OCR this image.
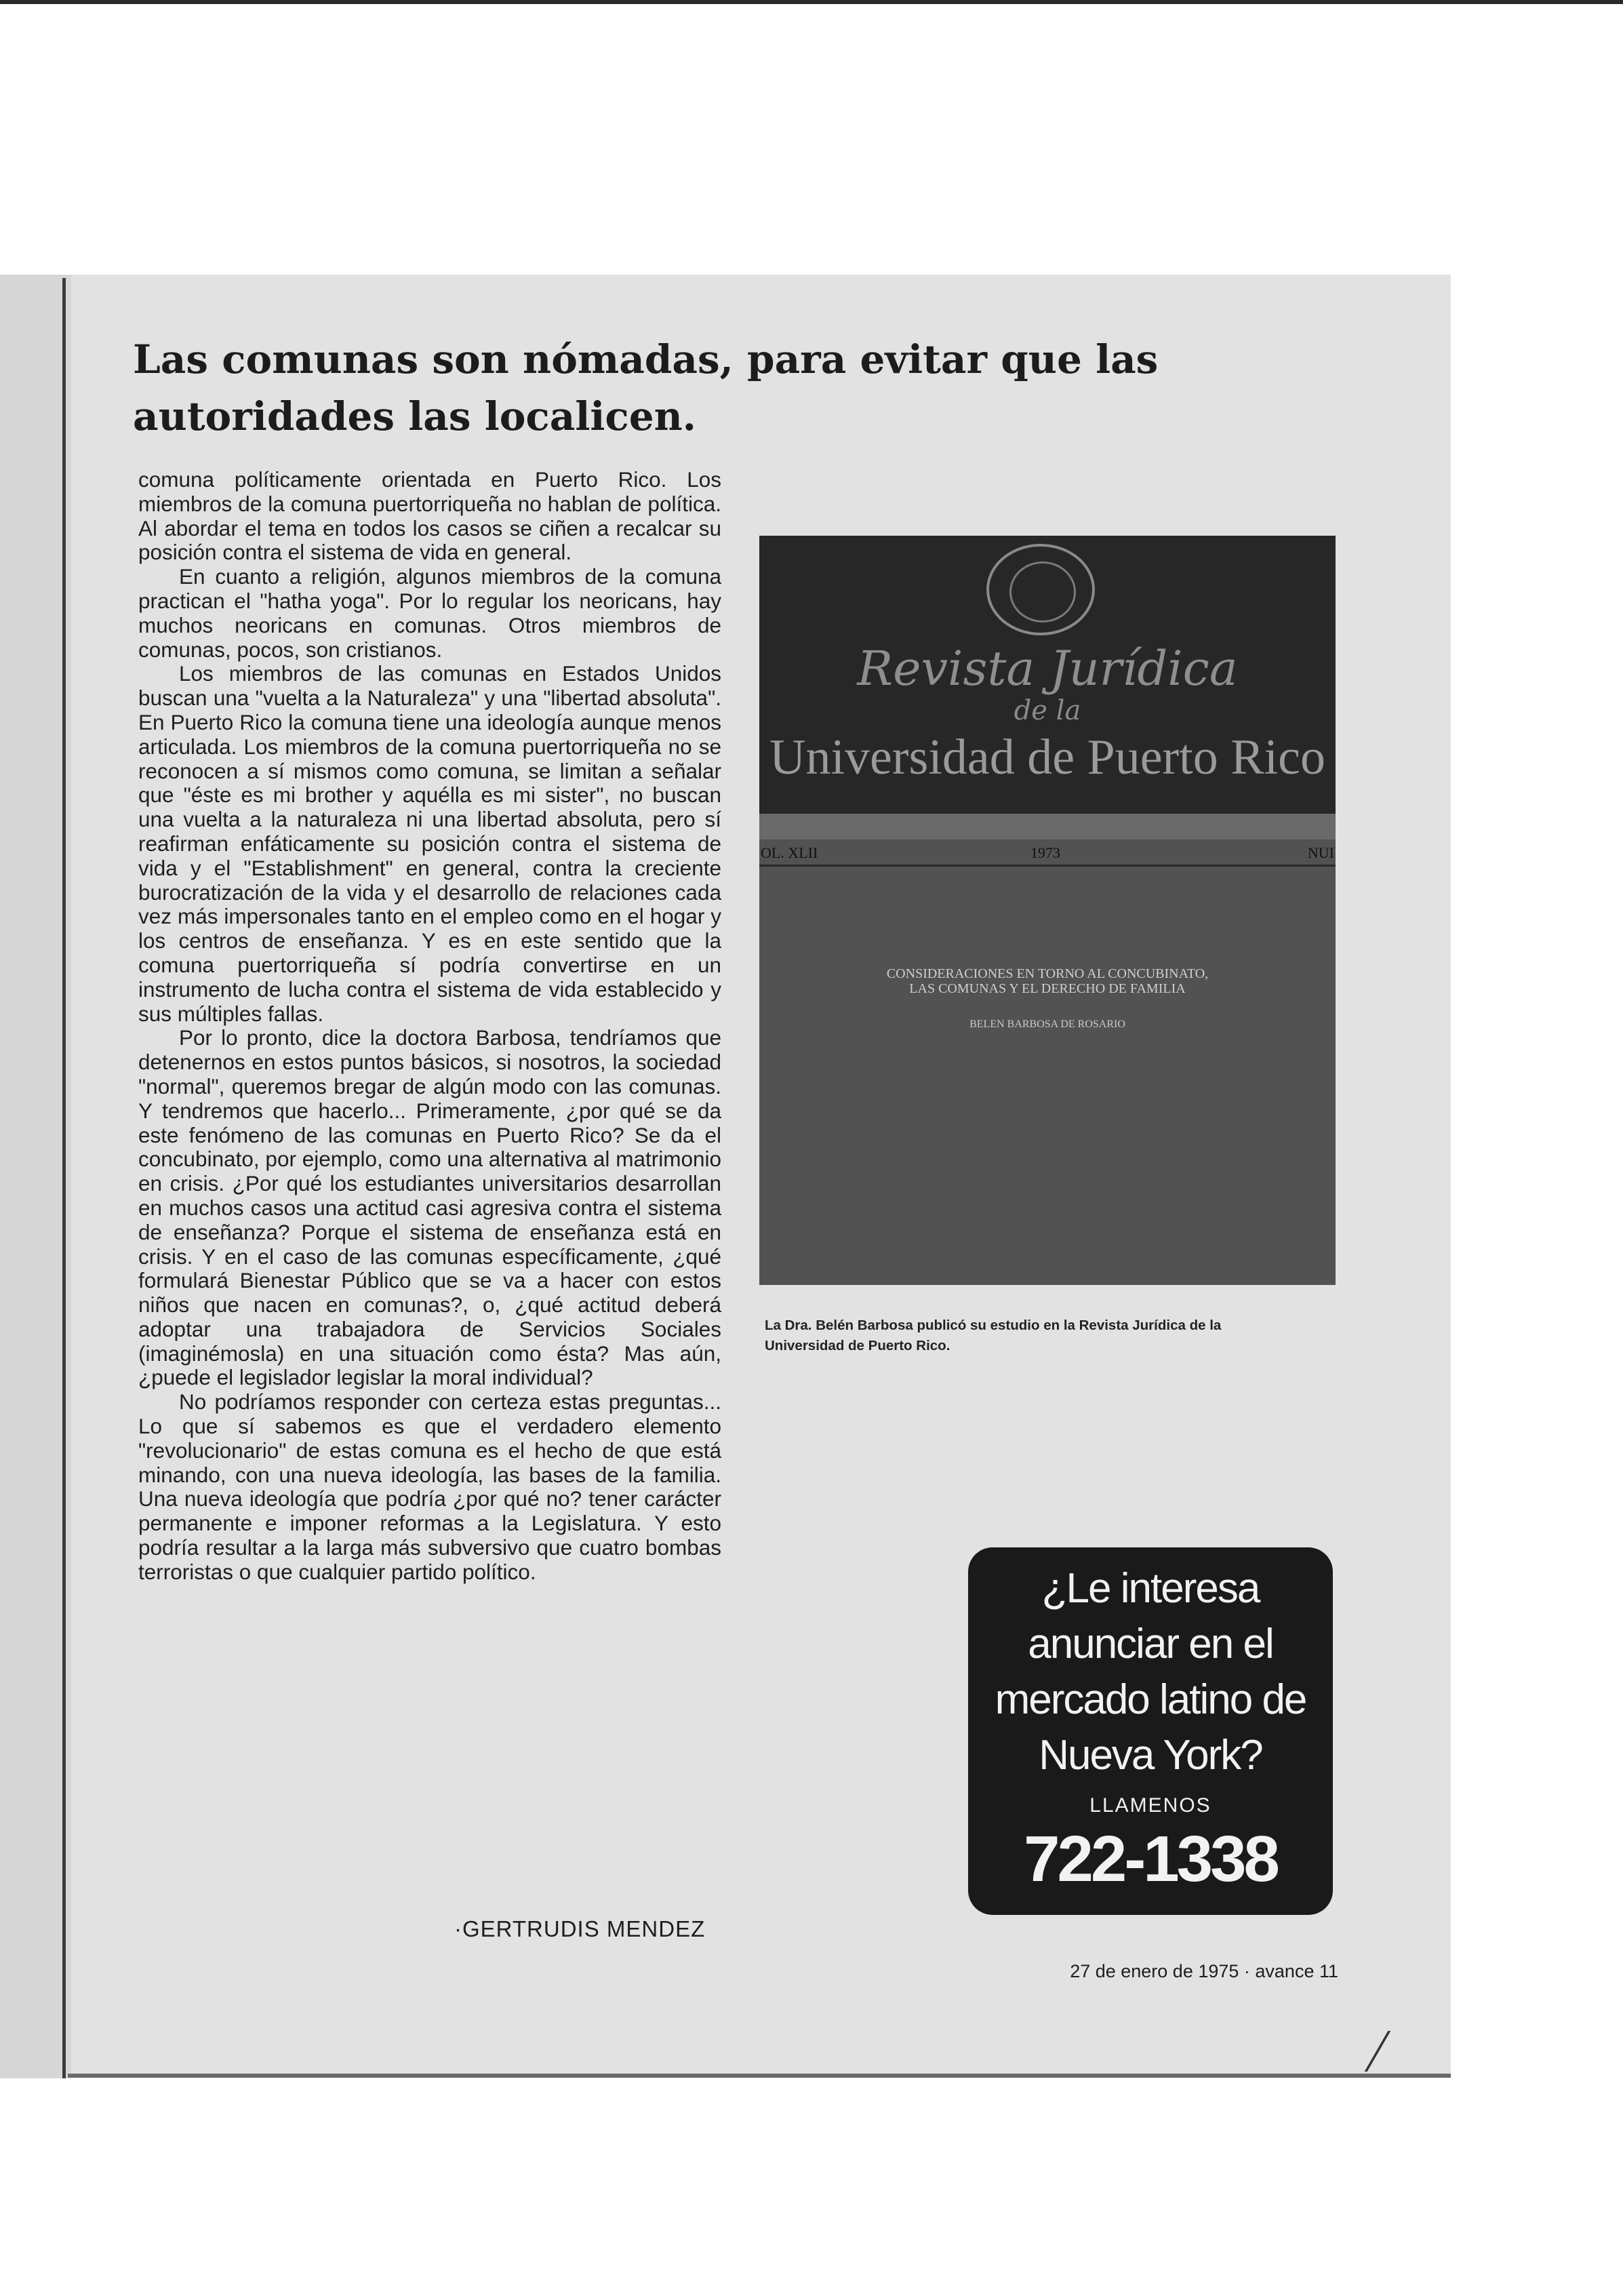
Las comunas son nómadas, para evitar que las autoridades las localicen.

comuna políticamente orientada en Puerto Rico. Los miembros de la comuna puertorriqueña no hablan de política. Al abordar el tema en todos los casos se ciñen a recalcar su posición contra el sistema de vida en general.

En cuanto a religión, algunos miembros de la comuna practican el "hatha yoga". Por lo regular los neoricans, hay muchos neoricans en comunas. Otros miembros de comunas, pocos, son cristianos.

Los miembros de las comunas en Estados Unidos buscan una "vuelta a la Naturaleza" y una "libertad absoluta". En Puerto Rico la comuna tiene una ideología aunque menos articulada. Los miembros de la comuna puertorriqueña no se reconocen a sí mismos como comuna, se limitan a señalar que "éste es mi brother y aquélla es mi sister", no buscan una vuelta a la naturaleza ni una libertad absoluta, pero sí reafirman enfáticamente su posición contra el sistema de vida y el "Establishment" en general, contra la creciente burocratización de la vida y el desarrollo de relaciones cada vez más impersonales tanto en el empleo como en el hogar y los centros de enseñanza. Y es en este sentido que la comuna puertorriqueña sí podría convertirse en un instrumento de lucha contra el sistema de vida establecido y sus múltiples fallas.

Por lo pronto, dice la doctora Barbosa, tendríamos que detenernos en estos puntos básicos, si nosotros, la sociedad "normal", queremos bregar de algún modo con las comunas. Y tendremos que hacerlo... Primeramente, ¿por qué se da este fenómeno de las comunas en Puerto Rico? Se da el concubinato, por ejemplo, como una alternativa al matrimonio en crisis. ¿Por qué los estudiantes universitarios desarrollan en muchos casos una actitud casi agresiva contra el sistema de enseñanza? Porque el sistema de enseñanza está en crisis. Y en el caso de las comunas específicamente, ¿qué formulará Bienestar Público que se va a hacer con estos niños que nacen en comunas?, o, ¿qué actitud deberá adoptar una trabajadora de Servicios Sociales (imaginémosla) en una situación como ésta? Mas aún, ¿puede el legislador legislar la moral individual?

No podríamos responder con certeza estas preguntas... Lo que sí sabemos es que el verdadero elemento "revolucionario" de estas comuna es el hecho de que está minando, con una nueva ideología, las bases de la familia. Una nueva ideología que podría ¿por qué no? tener carácter permanente e imponer reformas a la Legislatura. Y esto podría resultar a la larga más subversivo que cuatro bombas terroristas o que cualquier partido político.

·GERTRUDIS MENDEZ
Revista Jurídica
de la
Universidad de Puerto Rico
OL. XLII	1973	NUI
CONSIDERACIONES EN TORNO AL CONCUBINATO,
LAS COMUNAS Y EL DERECHO DE FAMILIA
BELEN BARBOSA DE ROSARIO
La Dra. Belén Barbosa publicó su estudio en la Revista Jurídica de la Universidad de Puerto Rico.
¿Le interesa anunciar en el mercado latino de Nueva York?
LLAMENOS
722-1338
27 de enero de 1975 · avance 11
